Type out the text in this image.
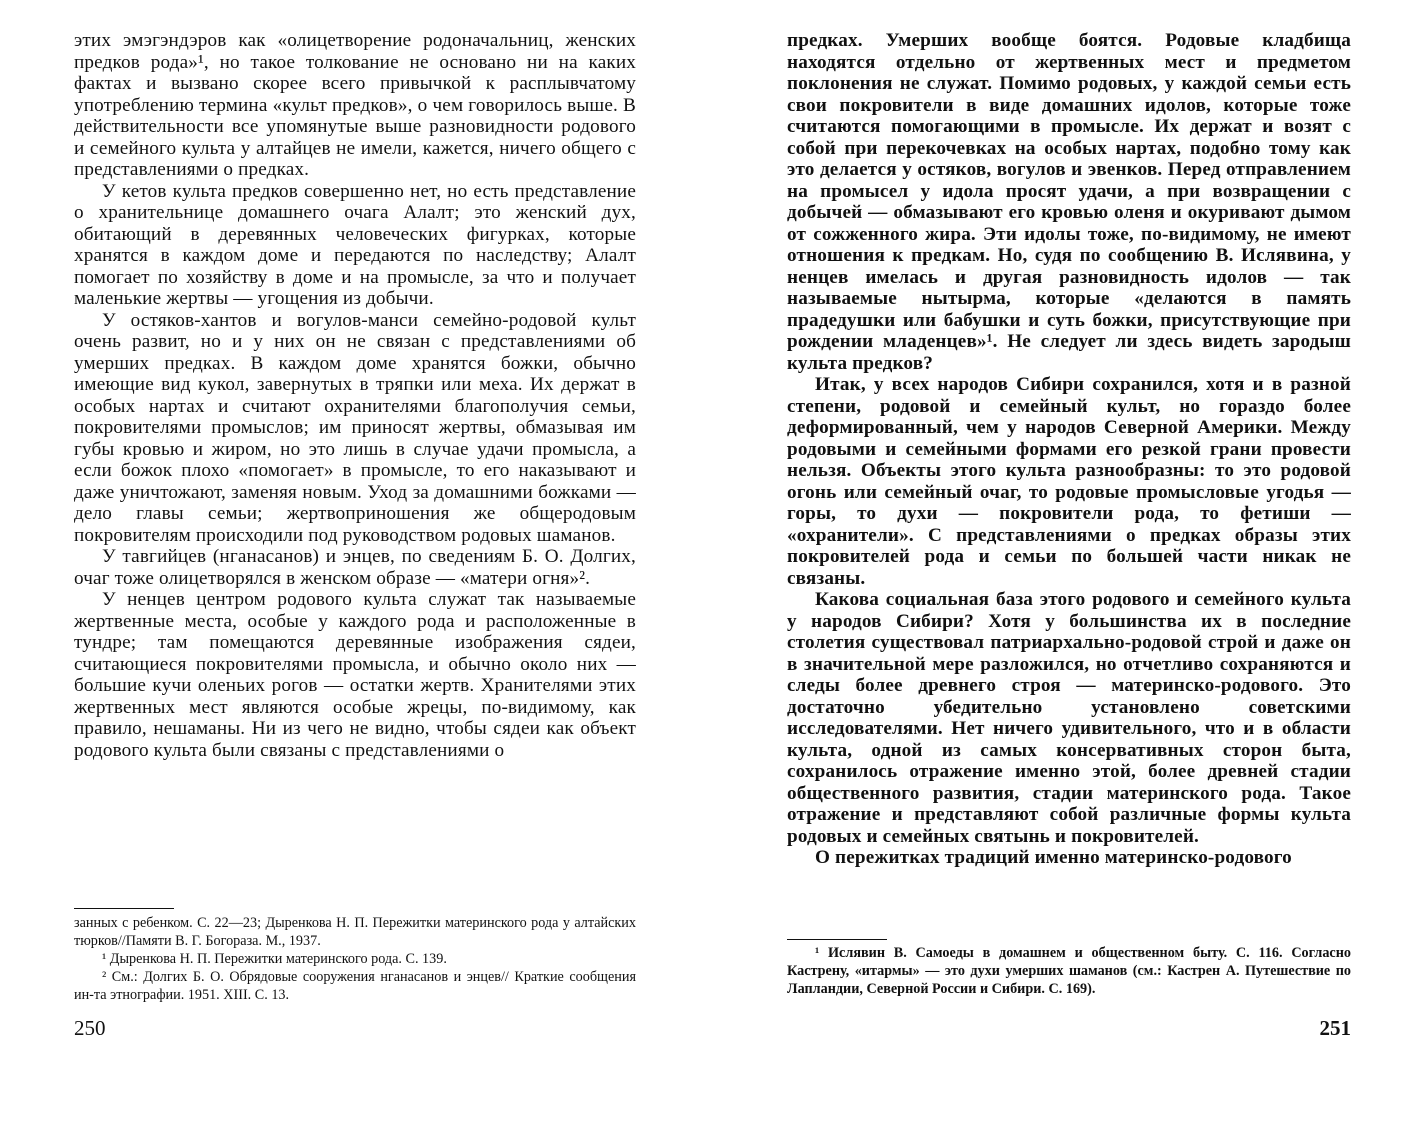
этих эмэгэндэров как «олицетворение родоначальниц, женских предков рода»¹, но такое толкование не основано ни на каких фактах и вызвано скорее всего привычкой к расплывчатому употреблению термина «культ предков», о чем говорилось выше. В действительности все упомянутые выше разновидности родового и семейного культа у алтайцев не имели, кажется, ничего общего с представлениями о предках.

У кетов культа предков совершенно нет, но есть представление о хранительнице домашнего очага Алалт; это женский дух, обитающий в деревянных человеческих фигурках, которые хранятся в каждом доме и передаются по наследству; Алалт помогает по хозяйству в доме и на промысле, за что и получает маленькие жертвы — угощения из добычи.

У остяков-хантов и вогулов-манси семейно-родовой культ очень развит, но и у них он не связан с представлениями об умерших предках. В каждом доме хранятся божки, обычно имеющие вид кукол, завернутых в тряпки или меха. Их держат в особых нартах и считают охранителями благополучия семьи, покровителями промыслов; им приносят жертвы, обмазывая им губы кровью и жиром, но это лишь в случае удачи промысла, а если божок плохо «помогает» в промысле, то его наказывают и даже уничтожают, заменяя новым. Уход за домашними божками — дело главы семьи; жертвоприношения же общеродовым покровителям происходили под руководством родовых шаманов.

У тавгийцев (нганасанов) и энцев, по сведениям Б. О. Долгих, очаг тоже олицетворялся в женском образе — «матери огня»².

У ненцев центром родового культа служат так называемые жертвенные места, особые у каждого рода и расположенные в тундре; там помещаются деревянные изображения сядеи, считающиеся покровителями промысла, и обычно около них — большие кучи оленьих рогов — остатки жертв. Хранителями этих жертвенных мест являются особые жрецы, по-видимому, как правило, нешаманы. Ни из чего не видно, чтобы сядеи как объект родового культа были связаны с представлениями о

занных с ребенком. С. 22—23; Дыренкова Н. П. Пережитки материнского рода у алтайских тюрков//Памяти В. Г. Богораза. М., 1937.

¹ Дыренкова Н. П. Пережитки материнского рода. С. 139.

² См.: Долгих Б. О. Обрядовые сооружения нганасанов и энцев// Краткие сообщения ин-та этнографии. 1951. XIII. С. 13.

250

предках. Умерших вообще боятся. Родовые кладбища находятся отдельно от жертвенных мест и предметом поклонения не служат. Помимо родовых, у каждой семьи есть свои покровители в виде домашних идолов, которые тоже считаются помогающими в промысле. Их держат и возят с собой при перекочевках на особых нартах, подобно тому как это делается у остяков, вогулов и эвенков. Перед отправлением на промысел у идола просят удачи, а при возвращении с добычей — обмазывают его кровью оленя и окуривают дымом от сожженного жира. Эти идолы тоже, по-видимому, не имеют отношения к предкам. Но, судя по сообщению В. Ислявина, у ненцев имелась и другая разновидность идолов — так называемые нытырма, которые «делаются в память прадедушки или бабушки и суть божки, присутствующие при рождении младенцев»¹. Не следует ли здесь видеть зародыш культа предков?

Итак, у всех народов Сибири сохранился, хотя и в разной степени, родовой и семейный культ, но гораздо более деформированный, чем у народов Северной Америки. Между родовыми и семейными формами его резкой грани провести нельзя. Объекты этого культа разнообразны: то это родовой огонь или семейный очаг, то родовые промысловые угодья — горы, то духи — покровители рода, то фетиши — «охранители». С представлениями о предках образы этих покровителей рода и семьи по большей части никак не связаны.

Какова социальная база этого родового и семейного культа у народов Сибири? Хотя у большинства их в последние столетия существовал патриархально-родовой строй и даже он в значительной мере разложился, но отчетливо сохраняются и следы более древнего строя — материнско-родового. Это достаточно убедительно установлено советскими исследователями. Нет ничего удивительного, что и в области культа, одной из самых консервативных сторон быта, сохранилось отражение именно этой, более древней стадии общественного развития, стадии материнского рода. Такое отражение и представляют собой различные формы культа родовых и семейных святынь и покровителей.

О пережитках традиций именно материнско-родового

¹ Ислявин В. Самоеды в домашнем и общественном быту. С. 116. Согласно Кастрену, «итармы» — это духи умерших шаманов (см.: Кастрен А. Путешествие по Лапландии, Северной России и Сибири. С. 169).

251
